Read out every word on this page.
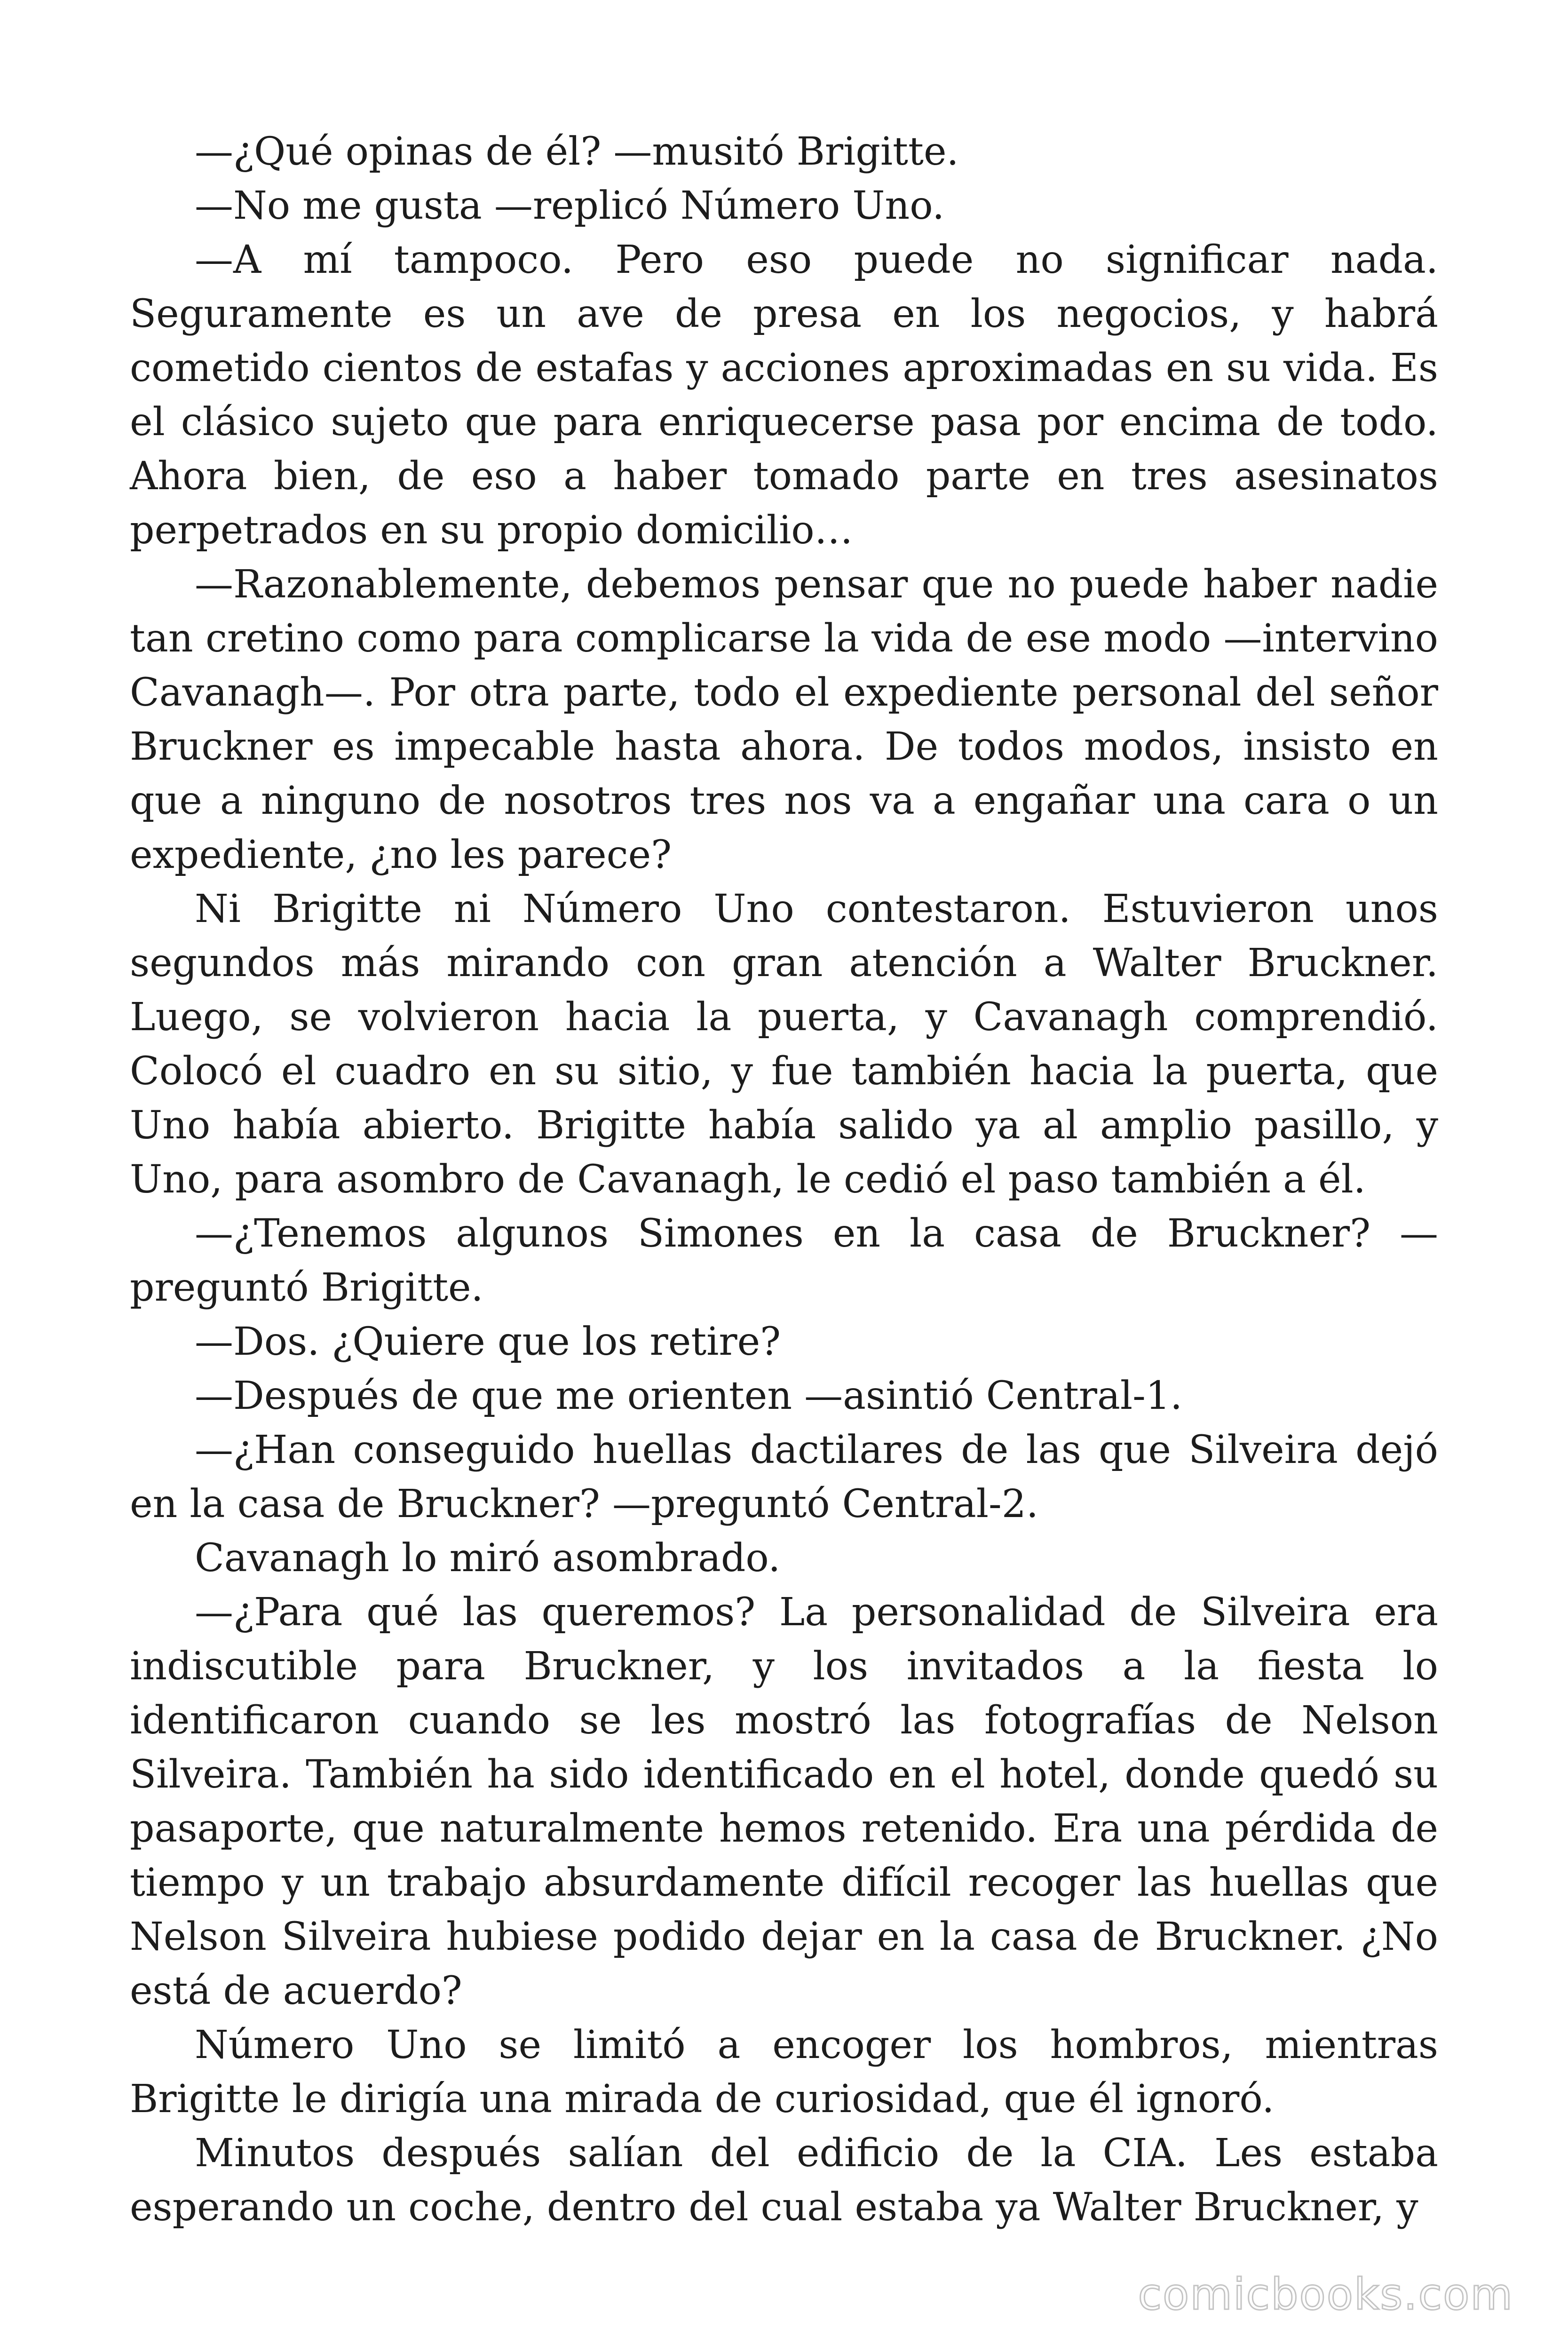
—¿Qué opinas de él? —musitó Brigitte.

—No me gusta —replicó Número Uno.

—A mí tampoco. Pero eso puede no significar nada. Seguramente es un ave de presa en los negocios, y habrá cometido cientos de estafas y acciones aproximadas en su vida. Es el clásico sujeto que para enriquecerse pasa por encima de todo. Ahora bien, de eso a haber tomado parte en tres asesinatos perpetrados en su propio domicilio…

—Razonablemente, debemos pensar que no puede haber nadie tan cretino como para complicarse la vida de ese modo —intervino Cavanagh—. Por otra parte, todo el expediente personal del señor Bruckner es impecable hasta ahora. De todos modos, insisto en que a ninguno de nosotros tres nos va a engañar una cara o un expediente, ¿no les parece?

Ni Brigitte ni Número Uno contestaron. Estuvieron unos segundos más mirando con gran atención a Walter Bruckner. Luego, se volvieron hacia la puerta, y Cavanagh comprendió. Colocó el cuadro en su sitio, y fue también hacia la puerta, que Uno había abierto. Brigitte había salido ya al amplio pasillo, y Uno, para asombro de Cavanagh, le cedió el paso también a él.

—¿Tenemos algunos Simones en la casa de Bruckner? —preguntó Brigitte.

—Dos. ¿Quiere que los retire?

—Después de que me orienten —asintió Central-1.

—¿Han conseguido huellas dactilares de las que Silveira dejó en la casa de Bruckner? —preguntó Central-2.

Cavanagh lo miró asombrado.

—¿Para qué las queremos? La personalidad de Silveira era indiscutible para Bruckner, y los invitados a la fiesta lo identificaron cuando se les mostró las fotografías de Nelson Silveira. También ha sido identificado en el hotel, donde quedó su pasaporte, que naturalmente hemos retenido. Era una pérdida de tiempo y un trabajo absurdamente difícil recoger las huellas que Nelson Silveira hubiese podido dejar en la casa de Bruckner. ¿No está de acuerdo?

Número Uno se limitó a encoger los hombros, mientras Brigitte le dirigía una mirada de curiosidad, que él ignoró.

Minutos después salían del edificio de la CIA. Les estaba esperando un coche, dentro del cual estaba ya Walter Bruckner, y

comicbooks.com
